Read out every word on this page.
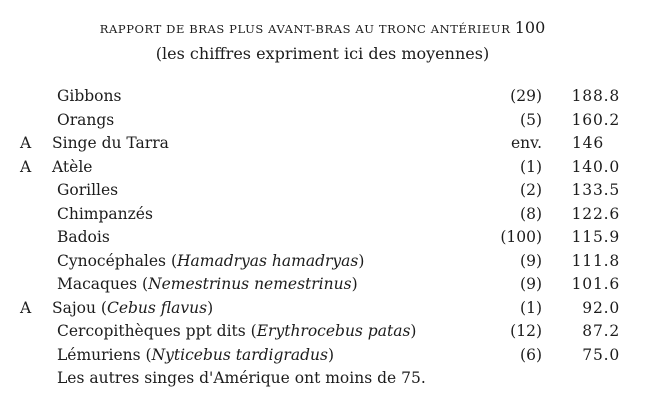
RAPPORT DE BRAS PLUS AVANT-BRAS AU TRONC ANTÉRIEUR 100
(les chiffres expriment ici des moyennes)
Gibbons	(29) 188.8
Orangs	(5) 160.2
A Singe du Tarra	env. 146
A Atèle	(1) 140.0
Gorilles	(2) 133.5
Chimpanzés	(8) 122.6
Badois	(100) 115.9
Cynocéphales (Hamadryas hamadryas)	(9) 111.8
Macaques (Nemestrinus nemestrinus)	(9) 101.6
A Sajou (Cebus flavus)	(1)	92.0
Cercopithèques ppt dits (Erythrocebus patas)	(12)	87.2
Lémuriens (Nyticebus tardigradus)	(6)	75.0
Les autres singes d'Amérique ont moins de 75.
